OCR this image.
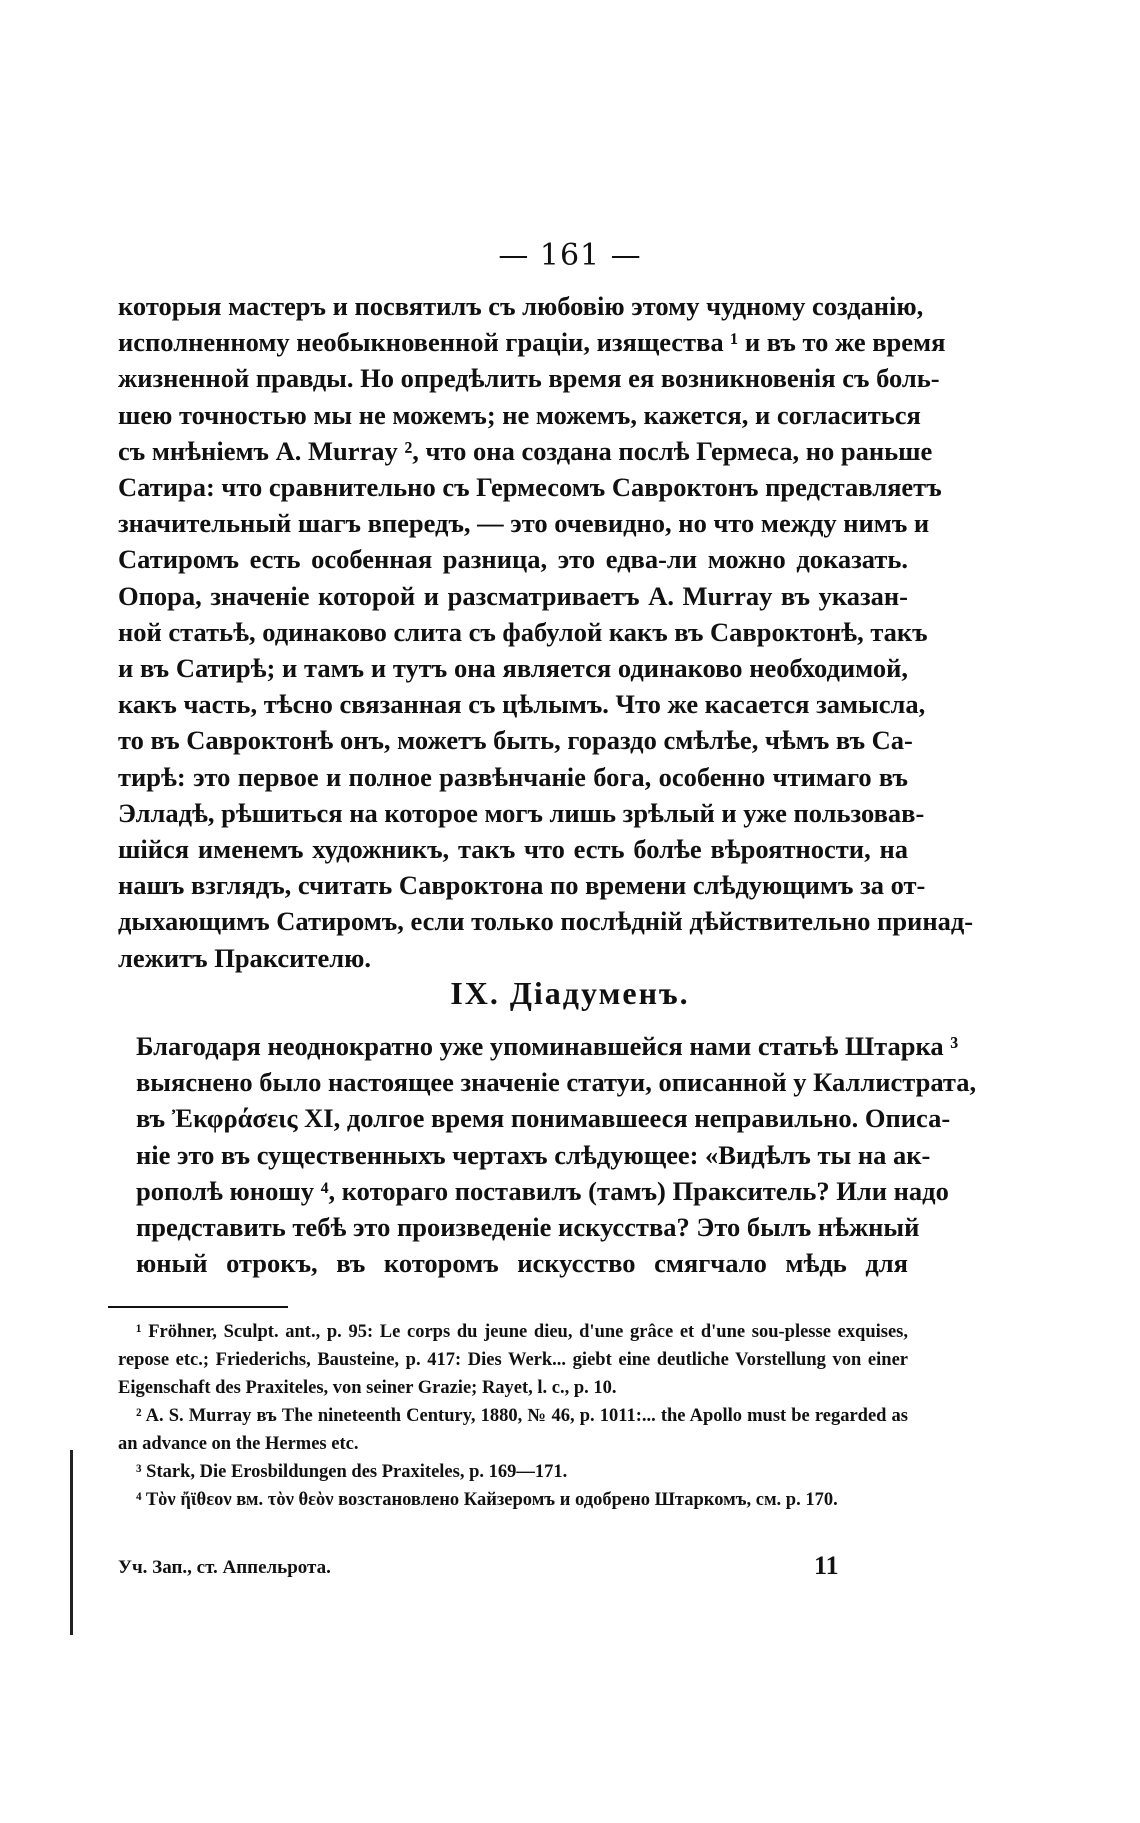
— 161 —
которыя мастеръ и посвятилъ съ любовію этому чудному созданію,
исполненному необыкновенной граціи, изящества ¹ и въ то же время
жизненной правды. Но опредѣлить время ея возникновенія съ боль-
шею точностью мы не можемъ; не можемъ, кажется, и согласиться
съ мнѣніемъ А. Murray ², что она создана послѣ Гермеса, но раньше
Сатира: что сравнительно съ Гермесомъ Савроктонъ представляетъ
значительный шагъ впередъ, — это очевидно, но что между нимъ и
Сатиромъ есть особенная разница, это едва-ли можно доказать.
Опора, значеніе которой и разсматриваетъ А. Murray въ указан-
ной статьѣ, одинаково слита съ фабулой какъ въ Савроктонѣ, такъ
и въ Сатирѣ; и тамъ и тутъ она является одинаково необходимой,
какъ часть, тѣсно связанная съ цѣлымъ. Что же касается замысла,
то въ Савроктонѣ онъ, можетъ быть, гораздо смѣлѣе, чѣмъ въ Са-
тирѣ: это первое и полное развѣнчаніе бога, особенно чтимаго въ
Элладѣ, рѣшиться на которое могъ лишь зрѣлый и уже пользовав-
шійся именемъ художникъ, такъ что есть болѣе вѣроятности, на
нашъ взглядъ, считать Савроктона по времени слѣдующимъ за от-
дыхающимъ Сатиромъ, если только послѣдній дѣйствительно принад-
лежитъ Праксителю.
IX. Діадуменъ.
Благодаря неоднократно уже упоминавшейся нами статьѣ Штарка ³
выяснено было настоящее значеніе статуи, описанной у Каллистрата,
въ Ἐκφράσεις XI, долгое время понимавшееся неправильно. Описа-
ніе это въ существенныхъ чертахъ слѣдующее: «Видѣлъ ты на ак-
рополѣ юношу ⁴, котораго поставилъ (тамъ) Пракситель? Или надо
представить тебѣ это произведеніе искусства? Это былъ нѣжный
юный отрокъ, въ которомъ искусство смягчало мѣдь для
¹ Fröhner, Sculpt. ant., p. 95: Le corps du jeune dieu, d'une grâce et d'une sou-plesse exquises, repose etc.; Friederichs, Bausteine, p. 417: Dies Werk... giebt eine deutliche Vorstellung von einer Eigenschaft des Praxiteles, von seiner Grazie; Rayet, l. c., p. 10.
² A. S. Murray въ The nineteenth Century, 1880, № 46, p. 1011:... the Apollo must be regarded as an advance on the Hermes etc.
³ Stark, Die Erosbildungen des Praxiteles, p. 169—171.
⁴ Τὸν ἤϊθεον вм. τὸν θεὸν возстановлено Кайзеромъ и одобрено Штаркомъ, см. р. 170.
Уч. Зап., ст. Аппельрота.	11
